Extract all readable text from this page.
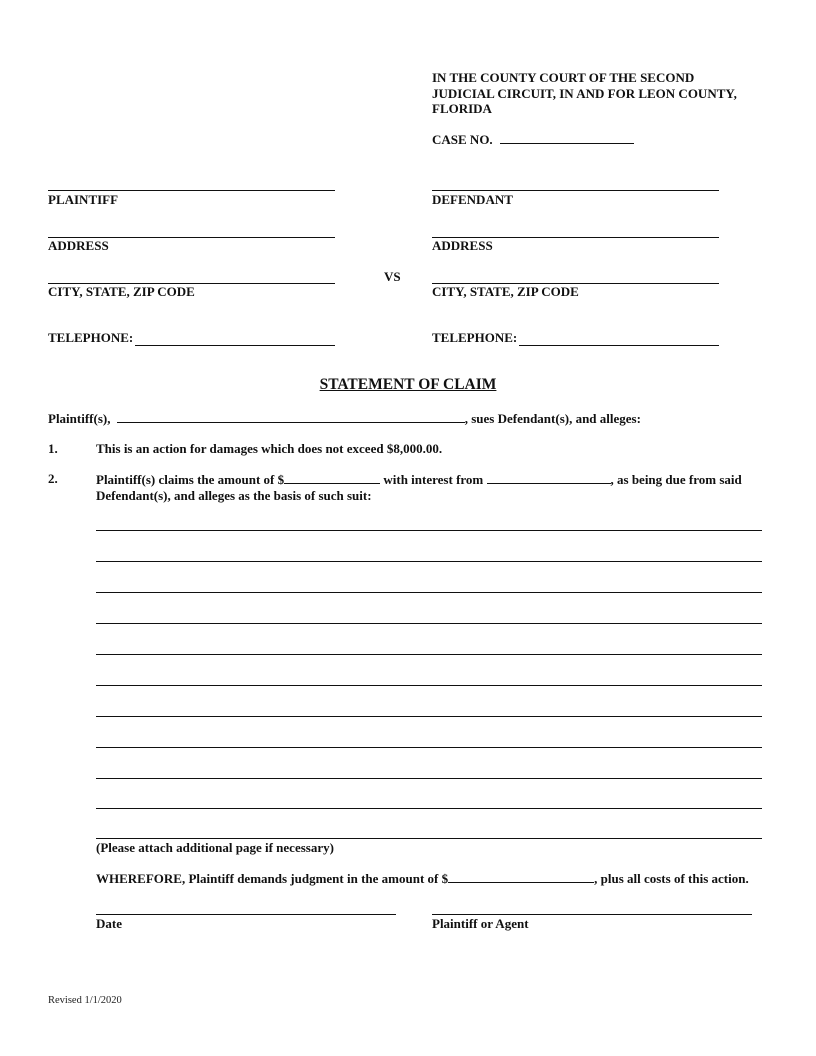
IN THE COUNTY COURT OF THE SECOND
JUDICIAL CIRCUIT, IN AND FOR LEON COUNTY,
FLORIDA
CASE NO.
PLAINTIFF
ADDRESS
CITY, STATE, ZIP CODE
TELEPHONE:
VS
DEFENDANT
ADDRESS
CITY, STATE, ZIP CODE
TELEPHONE:
STATEMENT OF CLAIM
Plaintiff(s),	, sues Defendant(s), and alleges:
1.	This is an action for damages which does not exceed $8,000.00.
2.	Plaintiff(s) claims the amount of $	with interest from	, as being due from said Defendant(s), and alleges as the basis of such suit:
(Please attach additional page if necessary)
WHEREFORE, Plaintiff demands judgment in the amount of $	, plus all costs of this action.
Date	Plaintiff or Agent
Revised 1/1/2020
